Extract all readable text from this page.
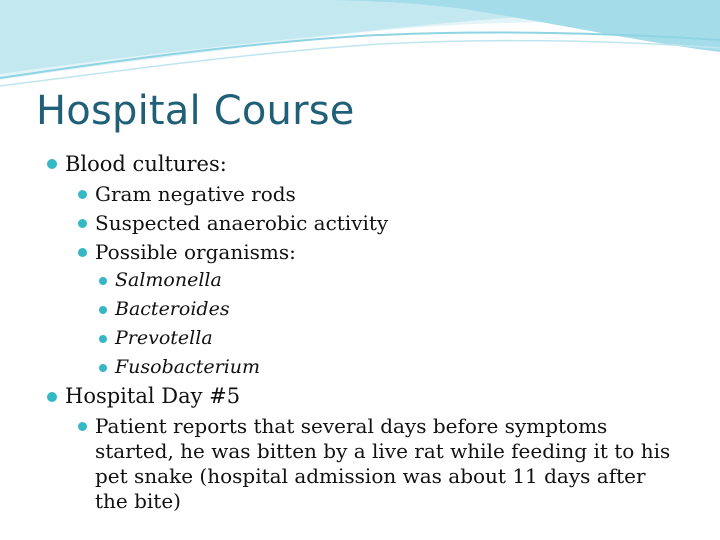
Hospital Course
Blood cultures:
Gram negative rods
Suspected anaerobic activity
Possible organisms:
Salmonella
Bacteroides
Prevotella
Fusobacterium
Hospital Day #5
Patient reports that several days before symptoms
started, he was bitten by a live rat while feeding it to his
pet snake (hospital admission was about 11 days after
the bite)
